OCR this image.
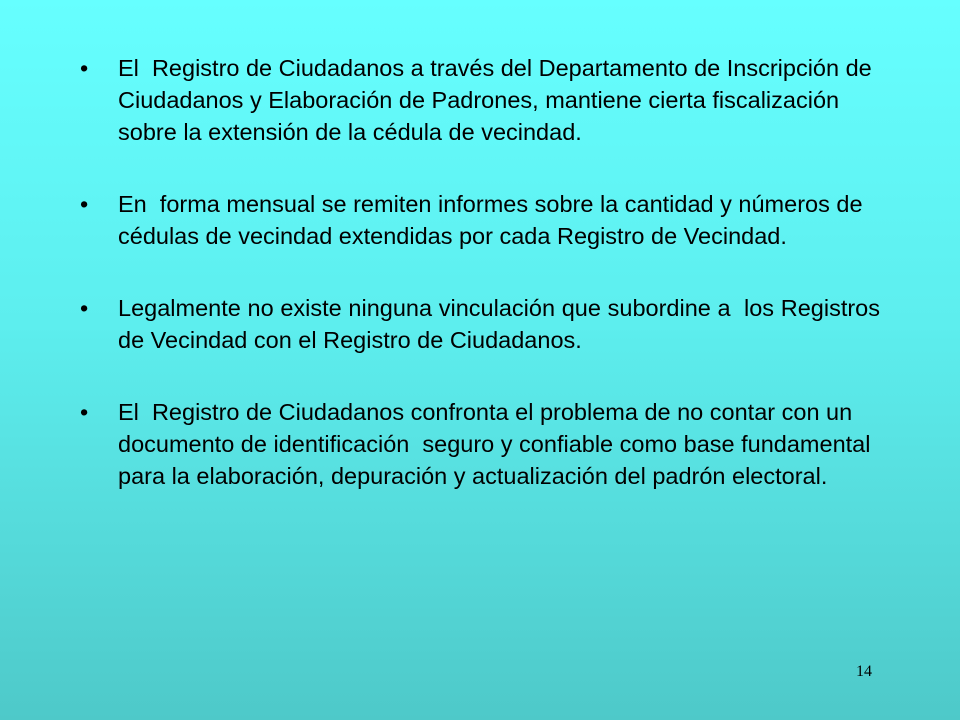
•	El  Registro de Ciudadanos a través del Departamento de Inscripción de Ciudadanos y Elaboración de Padrones, mantiene cierta fiscalización sobre la extensión de la cédula de vecindad.
•	En  forma mensual se remiten informes sobre la cantidad y números de cédulas de vecindad extendidas por cada Registro de Vecindad.
•	Legalmente no existe ninguna vinculación que subordine a  los Registros de Vecindad con el Registro de Ciudadanos.
•	El  Registro de Ciudadanos confronta el problema de no contar con un documento de identificación  seguro y confiable como base fundamental para la elaboración, depuración y actualización del padrón electoral.
14
